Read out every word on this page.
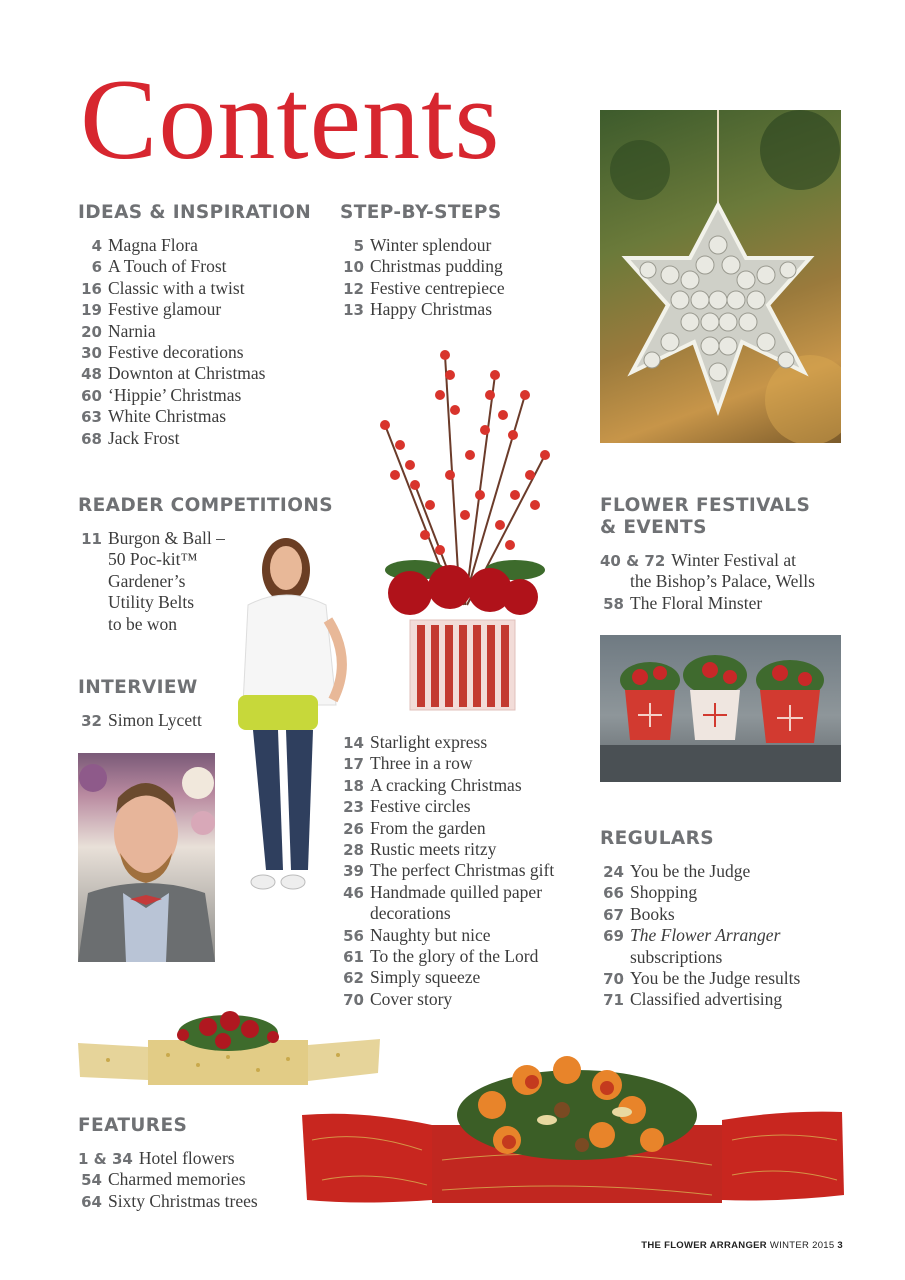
Contents
IDEAS & INSPIRATION
4 Magna Flora
6 A Touch of Frost
16 Classic with a twist
19 Festive glamour
20 Narnia
30 Festive decorations
48 Downton at Christmas
60 ‘Hippie’ Christmas
63 White Christmas
68 Jack Frost
STEP-BY-STEPS
5 Winter splendour
10 Christmas pudding
12 Festive centrepiece
13 Happy Christmas
14 Starlight express
17 Three in a row
18 A cracking Christmas
23 Festive circles
26 From the garden
28 Rustic meets ritzy
39 The perfect Christmas gift
46 Handmade quilled paper
decorations
56 Naughty but nice
61 To the glory of the Lord
62 Simply squeeze
70 Cover story
READER COMPETITIONS
11 Burgon & Ball –
50 Poc-kit™
Gardener’s
Utility Belts
to be won
INTERVIEW
32 Simon Lycett
FLOWER FESTIVALS
& EVENTS
40 & 72 Winter Festival at
the Bishop’s Palace, Wells
58 The Floral Minster
REGULARS
24 You be the Judge
66 Shopping
67 Books
69 The Flower Arranger
subscriptions
70 You be the Judge results
71 Classified advertising
FEATURES
1 & 34 Hotel flowers
54 Charmed memories
64 Sixty Christmas trees
THE FLOWER ARRANGER WINTER 2015 3
